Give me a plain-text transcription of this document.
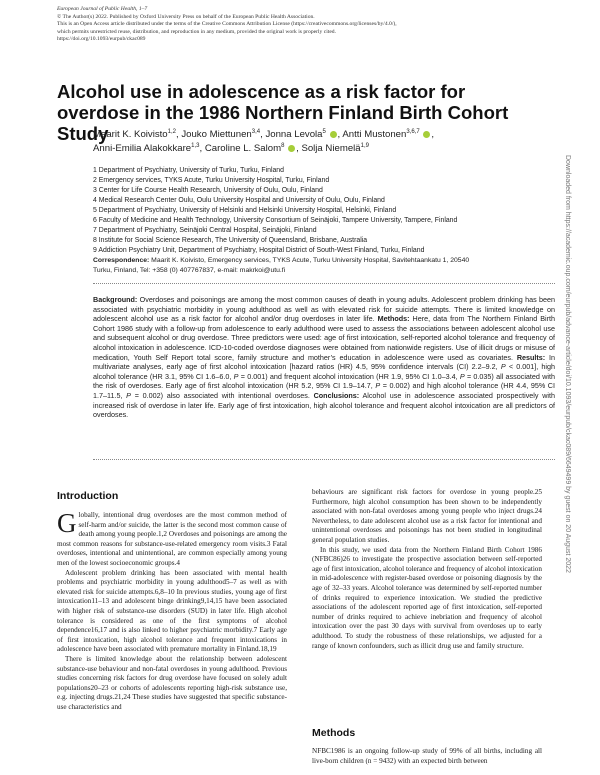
European Journal of Public Health, 1–7
© The Author(s) 2022. Published by Oxford University Press on behalf of the European Public Health Association.
This is an Open Access article distributed under the terms of the Creative Commons Attribution License (https://creativecommons.org/licenses/by/4.0/),
which permits unrestricted reuse, distribution, and reproduction in any medium, provided the original work is properly cited.
https://doi.org/10.1093/eurpub/ckac089
Alcohol use in adolescence as a risk factor for overdose in the 1986 Northern Finland Birth Cohort Study
Maarit K. Koivisto$^{1,2}$, Jouko Miettunen$^{3,4}$, Jonna Levola$^5$ , Antti Mustonen$^{3,6,7}$ ,
Anni-Emilia Alakokkare$^{1,3}$, Caroline L. Salom$^8$ , Solja Niemelä$^{1,9}$
1 Department of Psychiatry, University of Turku, Turku, Finland
2 Emergency services, TYKS Acute, Turku University Hospital, Turku, Finland
3 Center for Life Course Health Research, University of Oulu, Oulu, Finland
4 Medical Research Center Oulu, Oulu University Hospital and University of Oulu, Oulu, Finland
5 Department of Psychiatry, University of Helsinki and Helsinki University Hospital, Helsinki, Finland
6 Faculty of Medicine and Health Technology, University Consortium of Seinäjoki, Tampere University, Tampere, Finland
7 Department of Psychiatry, Seinäjoki Central Hospital, Seinäjoki, Finland
8 Institute for Social Science Research, The University of Queensland, Brisbane, Australia
9 Addiction Psychiatry Unit, Department of Psychiatry, Hospital District of South-West Finland, Turku, Finland
Correspondence: Maarit K. Koivisto, Emergency services, TYKS Acute, Turku University Hospital, Savitehtaankatu 1, 20540
Turku, Finland, Tel: +358 (0) 407767837, e-mail: makrkoi@utu.fi
Background: Overdoses and poisonings are among the most common causes of death in young adults. Adolescent problem drinking has been associated with psychiatric morbidity in young adulthood as well as with elevated risk for suicide attempts. There is limited knowledge on adolescent alcohol use as a risk factor for alcohol and/or drug overdoses in later life. Methods: Here, data from The Northern Finland Birth Cohort 1986 study with a follow-up from adolescence to early adulthood were used to assess the associations between adolescent alcohol use and subsequent alcohol or drug overdose. Three predictors were used: age of first intoxication, self-reported alcohol tolerance and frequency of alcohol intoxication in adolescence. ICD-10-coded overdose diagnoses were obtained from nationwide registers. Use of illicit drugs or misuse of medication, Youth Self Report total score, family structure and mother’s education in adolescence were used as covariates. Results: In multivariate analyses, early age of first alcohol intoxication [hazard ratios (HR) 4.5, 95% confidence intervals (CI) 2.2–9.2, P < 0.001], high alcohol tolerance (HR 3.1, 95% CI 1.6–6.0, P = 0.001) and frequent alcohol intoxication (HR 1.9, 95% CI 1.0–3.4, P = 0.035) all associated with the risk of overdoses. Early age of first alcohol intoxication (HR 5.2, 95% CI 1.9–14.7, P = 0.002) and high alcohol tolerance (HR 4.4, 95% CI 1.7–11.5, P = 0.002) also associated with intentional overdoses. Conclusions: Alcohol use in adolescence associated prospectively with increased risk of overdose in later life. Early age of first intoxication, high alcohol tolerance and frequent alcohol intoxication are all predictors of overdoses.	Downloaded from https://academic.oup.com/eurpub/advance-article/doi/10.1093/eurpub/ckac089/6649499 by guest on 20 August 2022
Introduction

Globally, intentional drug overdoses are the most common method of self-harm and/or suicide, the latter is the second most common cause of death among young people.1,2 Overdoses and poisonings are among the most common reasons for substance-use-related emergency room visits.3 Fatal overdoses, intentional and unintentional, are common especially among young men of the lowest socioeconomic groups.4

Adolescent problem drinking has been associated with mental health problems and psychiatric morbidity in young adulthood5–7 as well as with elevated risk for suicide attempts.6,8–10 In previous studies, young age of first intoxication11–13 and adolescent binge drinking9,14,15 have been associated with higher risk of substance-use disorders (SUD) in later life. High alcohol tolerance is considered as one of the first symptoms of alcohol dependence16,17 and is also linked to higher psychiatric morbidity.7 Early age of first intoxication, high alcohol tolerance and frequent intoxications in adolescence have been associated with premature mortality in Finland.18,19

There is limited knowledge about the relationship between adolescent substance-use behaviour and non-fatal overdoses in young adulthood. Previous studies concerning risk factors for drug overdose have focused on solely adult populations20–23 or cohorts of adolescents reporting high-risk substance use, e.g. injecting drugs.21,24 These studies have suggested that specific substance-use characteristics and

behaviours are significant risk factors for overdose in young people.25 Furthermore, high alcohol consumption has been shown to be independently associated with non-fatal overdoses among young people who inject drugs.24 Nevertheless, to date adolescent alcohol use as a risk factor for intentional and unintentional overdoses and poisonings has not been studied in longitudinal general population studies.

In this study, we used data from the Northern Finland Birth Cohort 1986 (NFBC86)26 to investigate the prospective association between self-reported age of first intoxication, alcohol tolerance and frequency of alcohol intoxication in mid-adolescence with register-based overdose or poisoning diagnosis by the age of 32–33 years. Alcohol tolerance was determined by self-reported number of drinks required to experience intoxication. We studied the predictive associations of the adolescent reported age of first intoxication, self-reported number of drinks required to achieve inebriation and frequency of alcohol intoxication over the past 30 days with survival from overdoses up to early adulthood. To study the robustness of these relationships, we adjusted for a range of known confounders, such as illicit drug use and family structure.

Methods

NFBC1986 is an ongoing follow-up study of 99% of all births, including all live-born children (n = 9432) with an expected birth between
